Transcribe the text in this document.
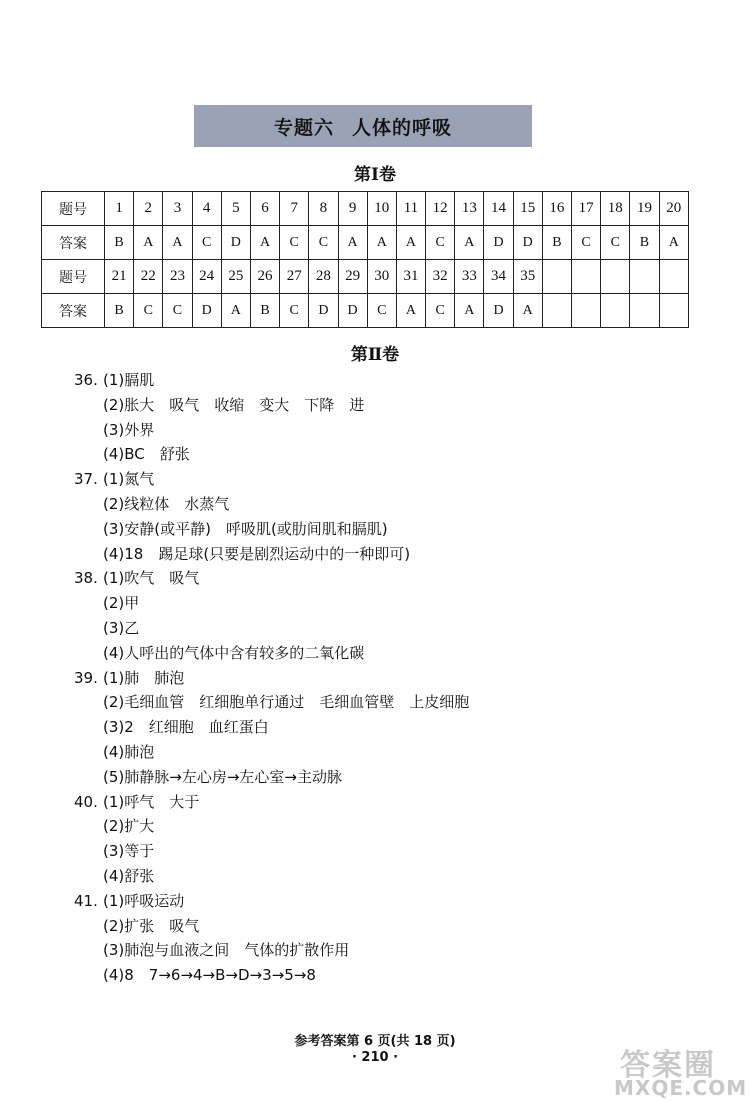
专题六 人体的呼吸
第Ⅰ卷
题号	1	2	3	4	5	6	7	8	9	10	11	12	13	14	15	16	17	18	19	20
答案	B	A	A	C	D	A	C	C	A	A	A	C	A	D	D	B	C	C	B	A
题号	21	22	23	24	25	26	27	28	29	30	31	32	33	34	35					
答案	B	C	C	D	A	B	C	D	D	C	A	C	A	D	A					
第Ⅱ卷
36. (1)膈肌
(2)胀大　吸气　收缩　变大　下降　进
(3)外界
(4)BC　舒张
37. (1)氮气
(2)线粒体　水蒸气
(3)安静(或平静)　呼吸肌(或肋间肌和膈肌)
(4)18　踢足球(只要是剧烈运动中的一种即可)
38. (1)吹气　吸气
(2)甲
(3)乙
(4)人呼出的气体中含有较多的二氧化碳
39. (1)肺　肺泡
(2)毛细血管　红细胞单行通过　毛细血管壁　上皮细胞
(3)2　红细胞　血红蛋白
(4)肺泡
(5)肺静脉→左心房→左心室→主动脉
40. (1)呼气　大于
(2)扩大
(3)等于
(4)舒张
41. (1)呼吸运动
(2)扩张　吸气
(3)肺泡与血液之间　气体的扩散作用
(4)8　7→6→4→B→D→3→5→8
参考答案第 6 页(共 18 页)
· 210 ·	答案圈
MXQE.COM
